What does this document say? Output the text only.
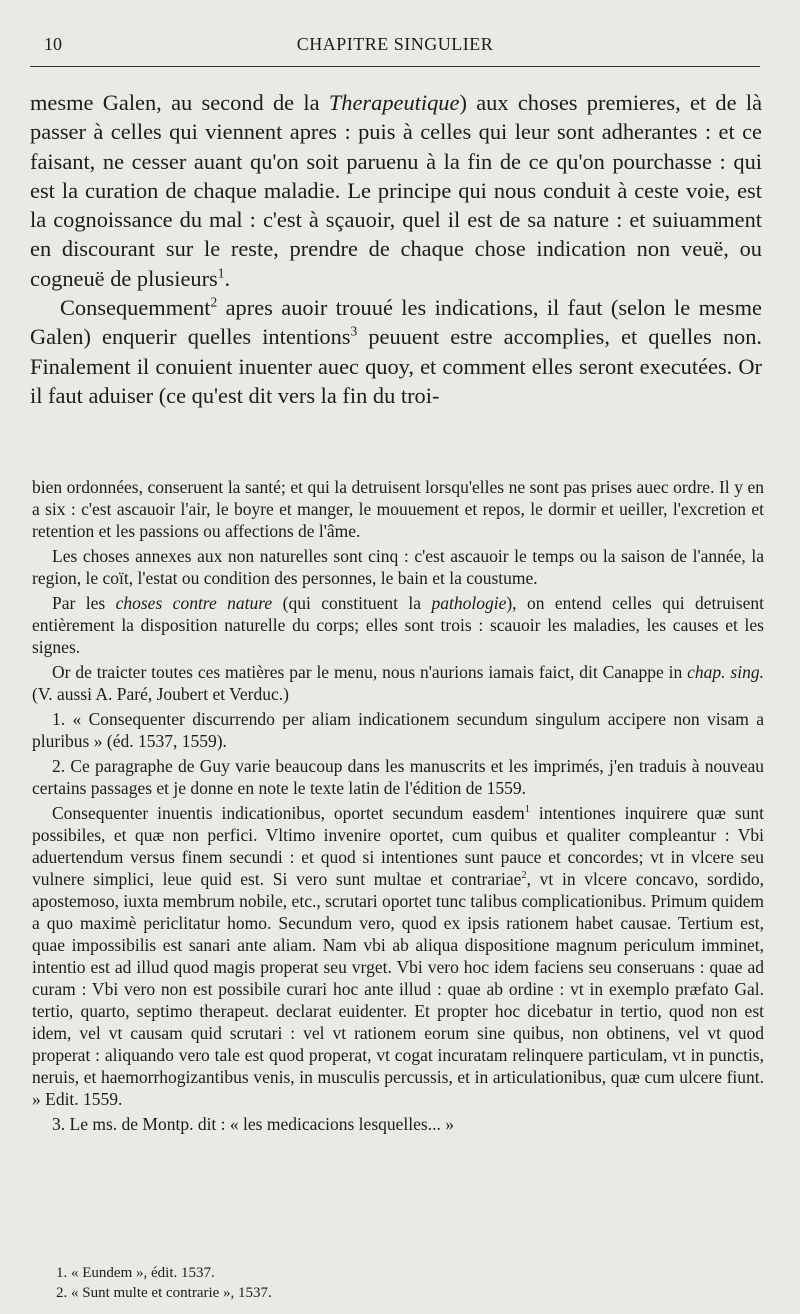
10	CHAPITRE SINGULIER

mesme Galen, au second de la Therapeutique) aux choses premieres, et de là passer à celles qui viennent apres : puis à celles qui leur sont adherantes : et ce faisant, ne cesser auant qu'on soit paruenu à la fin de ce qu'on pourchasse : qui est la curation de chaque maladie. Le principe qui nous conduit à ceste voie, est la cognoissance du mal : c'est à sçauoir, quel il est de sa nature : et suiuamment en discourant sur le reste, prendre de chaque chose indication non veuë, ou cogneuë de plusieurs$^1$.

Consequemment$^2$ apres auoir trouué les indications, il faut (selon le mesme Galen) enquerir quelles intentions$^3$ peuuent estre accomplies, et quelles non. Finalement il conuient inuenter auec quoy, et comment elles seront executées. Or il faut aduiser (ce qu'est dit vers la fin du troi-

bien ordonnées, conseruent la santé; et qui la detruisent lorsqu'elles ne sont pas prises auec ordre. Il y en a six : c'est ascauoir l'air, le boyre et manger, le mouuement et repos, le dormir et ueiller, l'excretion et retention et les passions ou affections de l'âme.

Les choses annexes aux non naturelles sont cinq : c'est ascauoir le temps ou la saison de l'année, la region, le coït, l'estat ou condition des personnes, le bain et la coustume.

Par les choses contre nature (qui constituent la pathologie), on entend celles qui detruisent entièrement la disposition naturelle du corps; elles sont trois : scauoir les maladies, les causes et les signes.

Or de traicter toutes ces matières par le menu, nous n'aurions iamais faict, dit Canappe in chap. sing. (V. aussi A. Paré, Joubert et Verduc.)

1. « Consequenter discurrendo per aliam indicationem secundum singulum accipere non visam a pluribus » (éd. 1537, 1559).

2. Ce paragraphe de Guy varie beaucoup dans les manuscrits et les imprimés, j'en traduis à nouveau certains passages et je donne en note le texte latin de l'édition de 1559.

Consequenter inuentis indicationibus, oportet secundum easdem$^1$ intentiones inquirere quæ sunt possibiles, et quæ non perfici. Vltimo invenire oportet, cum quibus et qualiter compleantur : Vbi aduertendum versus finem secundi : et quod si intentiones sunt pauce et concordes; vt in vlcere seu vulnere simplici, leue quid est. Si vero sunt multae et contrariae$^2$, vt in vlcere concavo, sordido, apostemoso, iuxta membrum nobile, etc., scrutari oportet tunc talibus complicationibus. Primum quidem a quo maximè periclitatur homo. Secundum vero, quod ex ipsis rationem habet causae. Tertium est, quae impossibilis est sanari ante aliam. Nam vbi ab aliqua dispositione magnum periculum imminet, intentio est ad illud quod magis properat seu vrget. Vbi vero hoc idem faciens seu conseruans : quae ad curam : Vbi vero non est possibile curari hoc ante illud : quae ab ordine : vt in exemplo præfato Gal. tertio, quarto, septimo therapeut. declarat euidenter. Et propter hoc dicebatur in tertio, quod non est idem, vel vt causam quid scrutari : vel vt rationem eorum sine quibus, non obtinens, vel vt quod properat : aliquando vero tale est quod properat, vt cogat incuratam relinquere particulam, vt in punctis, neruis, et haemorrhogizantibus venis, in musculis percussis, et in articulationibus, quæ cum ulcere fiunt. » Edit. 1559.

3. Le ms. de Montp. dit : « les medicacions lesquelles... »

1. « Eundem », édit. 1537.
2. « Sunt multe et contrarie », 1537.
